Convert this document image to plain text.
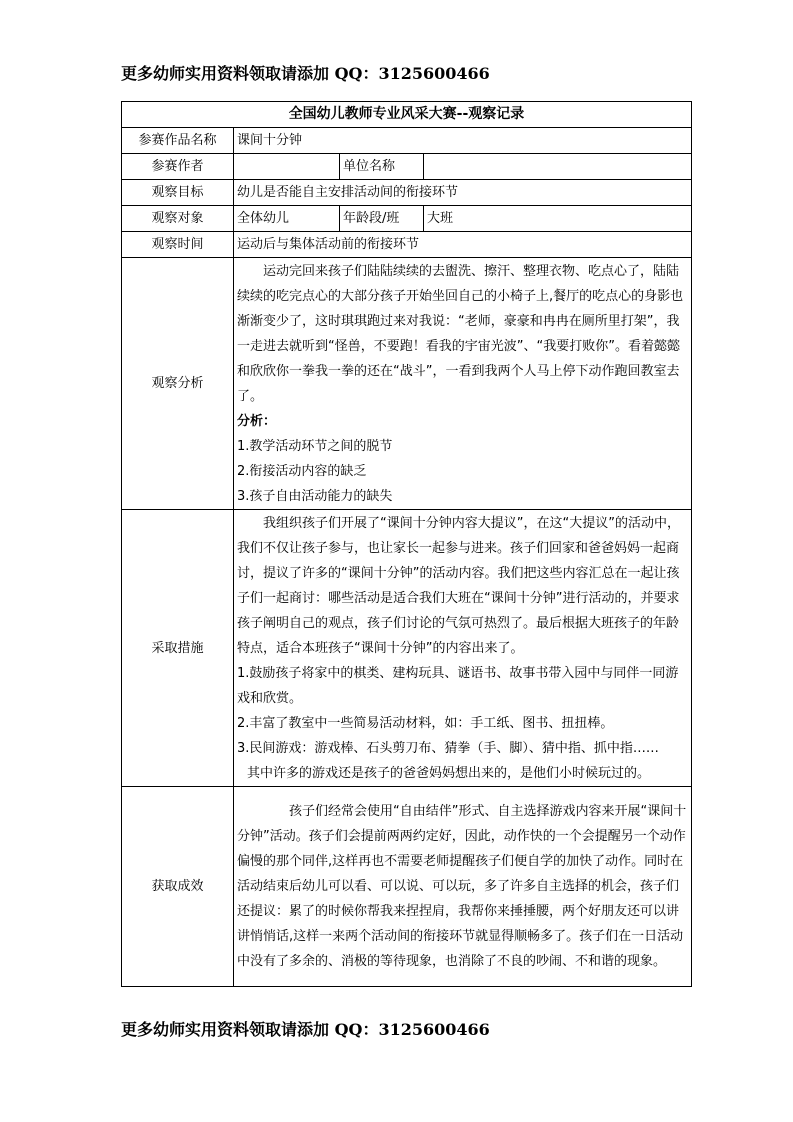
更多幼师实用资料领取请添加 QQ：3125600466
全国幼儿教师专业风采大赛--观察记录			
参赛作品名称	课间十分钟		
参赛作者		单位名称	
观察目标	幼儿是否能自主安排活动间的衔接环节		
观察对象	全体幼儿	年龄段/班	大班
观察时间	运动后与集体活动前的衔接环节		
观察分析	运动完回来孩子们陆陆续续的去盥洗、擦汗、整理衣物、吃点心了，陆陆续续的吃完点心的大部分孩子开始坐回自己的小椅子上,餐厅的吃点心的身影也渐渐变少了，这时琪琪跑过来对我说：“老师，豪豪和冉冉在厕所里打架”，我一走进去就听到“怪兽，不要跑！看我的宇宙光波”、“我要打败你”。看着懿懿和欣欣你一拳我一拳的还在“战斗”，一看到我两个人马上停下动作跑回教室去了。

分析：

1.教学活动环节之间的脱节

2.衔接活动内容的缺乏

3.孩子自由活动能力的缺失		

采取措施	我组织孩子们开展了“课间十分钟内容大提议”，在这“大提议”的活动中，我们不仅让孩子参与，也让家长一起参与进来。孩子们回家和爸爸妈妈一起商讨，提议了许多的“课间十分钟”的活动内容。我们把这些内容汇总在一起让孩子们一起商讨：哪些活动是适合我们大班在“课间十分钟”进行活动的，并要求孩子阐明自己的观点，孩子们讨论的气氛可热烈了。最后根据大班孩子的年龄特点，适合本班孩子“课间十分钟”的内容出来了。

1.鼓励孩子将家中的棋类、建构玩具、谜语书、故事书带入园中与同伴一同游戏和欣赏。

2.丰富了教室中一些简易活动材料，如：手工纸、图书、扭扭棒。

3.民间游戏：游戏棒、石头剪刀布、猜拳（手、脚）、猜中指、抓中指……

其中许多的游戏还是孩子的爸爸妈妈想出来的，是他们小时候玩过的。		

获取成效	孩子们经常会使用“自由结伴”形式、自主选择游戏内容来开展“课间十分钟”活动。孩子们会提前两两约定好，因此，动作快的一个会提醒另一个动作偏慢的那个同伴,这样再也不需要老师提醒孩子们便自学的加快了动作。同时在活动结束后幼儿可以看、可以说、可以玩，多了许多自主选择的机会，孩子们还提议：累了的时候你帮我来捏捏肩，我帮你来捶捶腰，两个好朋友还可以讲讲悄悄话,这样一来两个活动间的衔接环节就显得顺畅多了。孩子们在一日活动中没有了多余的、消极的等待现象，也消除了不良的吵闹、不和谐的现象。		

更多幼师实用资料领取请添加 QQ：3125600466
